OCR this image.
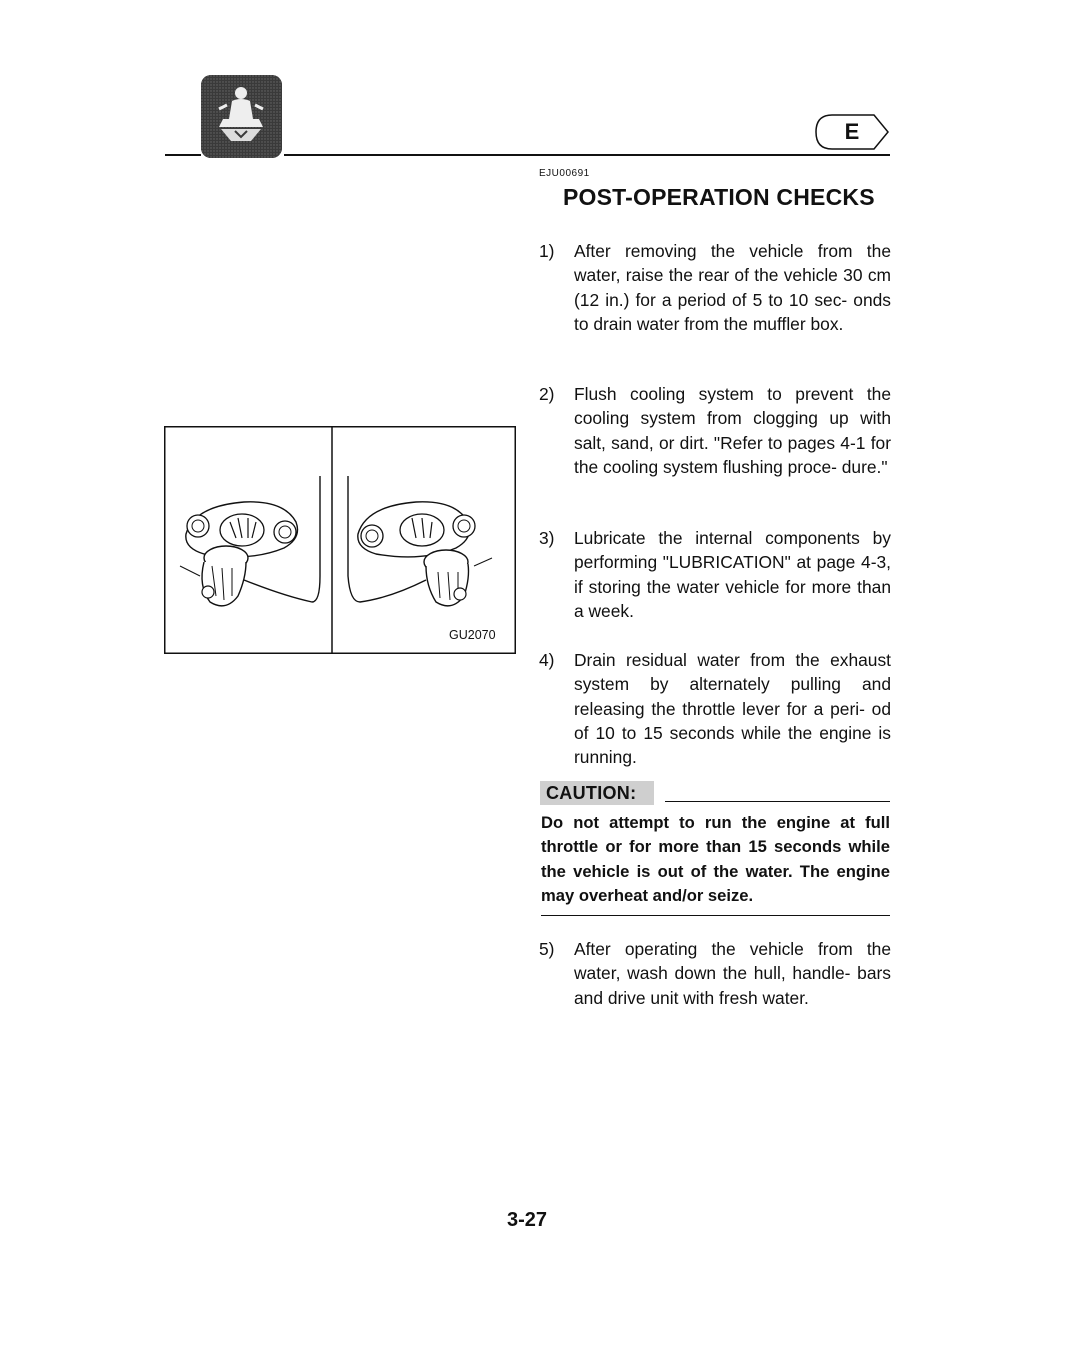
E
EJU00691
POST-OPERATION CHECKS
1) After removing the vehicle from the water, raise the rear of the vehicle 30 cm (12 in.) for a period of 5 to 10 sec- onds to drain water from the muffler box.
2) Flush cooling system to prevent the cooling system from clogging up with salt, sand, or dirt. "Refer to pages 4-1 for the cooling system flushing proce- dure."
3) Lubricate the internal components by performing "LUBRICATION" at page 4-3, if storing the water vehicle for more than a week.
4) Drain residual water from the exhaust system by alternately pulling and releasing the throttle lever for a peri- od of 10 to 15 seconds while the engine is running.
CAUTION:
Do not attempt to run the engine at full throttle or for more than 15 seconds while the vehicle is out of the water. The engine may overheat and/or seize.
5) After operating the vehicle from the water, wash down the hull, handle- bars and drive unit with fresh water.
GU2070
3-27
